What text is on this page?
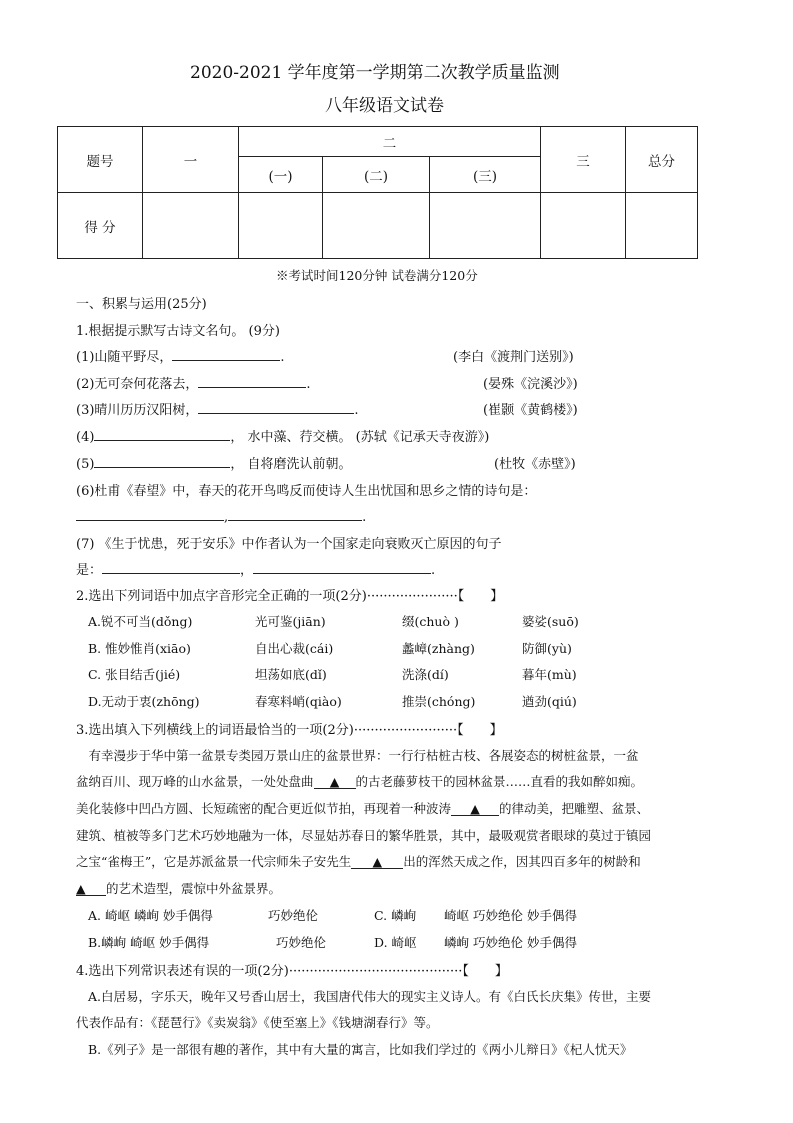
2020-2021 学年度第一学期第二次教学质量监测
八年级语文试卷
题号	一	二			三	总分
		(一)	(二)	(三)		
得 分						
※考试时间120分钟 试卷满分120分
一、积累与运用(25分)
1.根据提示默写古诗文名句。 (9分)
(1)山随平野尽，	.	(李白《渡荆门送别》)
(2)无可奈何花落去，	.	(晏殊《浣溪沙》)
(3)晴川历历汉阳树，	.	(崔颢《黄鹤楼》)
(4)	， 水中藻、荇交横。 (苏轼《记承天寺夜游》)
(5)	， 自将磨洗认前朝。	(杜牧《赤壁》)
(6)杜甫《春望》中，春天的花开鸟鸣反而使诗人生出忧国和思乡之情的诗句是：
,	.
(7) 《生于忧患，死于安乐》中作者认为一个国家走向衰败灭亡原因的句子
是：	，	.
2.选出下列词语中加点字音形完全正确的一项(2分)······················【　　】
A.锐不可当(dǒng)	光可鉴(jiān)	缀(chuò )	婆娑(suō)
B. 惟妙惟肖(xiāo)	自出心裁(cái)	蠡嶂(zhàng)	防御(yù)
C. 张目结舌(jié)	坦荡如底(dǐ)	洗涤(dí)	暮年(mù)
D.无动于衷(zhōng)	春寒料峭(qiào)	推崇(chóng)	遒劲(qiú)
3.选出填入下列横线上的词语最恰当的一项(2分)·························【　　】
　有幸漫步于华中第一盆景专类园万景山庄的盆景世界：一行行枯桩古枝、各展姿态的树桩盆景，一盆
盆纳百川、现万峰的山水盆景，一处处盘曲 ▲ 的古老藤萝枝干的园林盆景……直看的我如醉如痴。
美化装修中凹凸方圆、长短疏密的配合更近似节拍，再现着一种波涛 ▲ 的律动美，把雕塑、盆景、
建筑、植被等多门艺术巧妙地融为一体，尽显姑苏春日的繁华胜景，其中，最吸观赏者眼球的莫过于镇园
之宝“雀梅王”，它是苏派盆景一代宗师朱子安先生 ▲ 出的浑然天成之作，因其四百多年的树龄和
▲ 的艺术造型，震惊中外盆景界。
A. 崎岖 嶙峋 妙手偶得	巧妙绝伦	C. 嶙峋 崎岖 巧妙绝伦 妙手偶得
B.嶙峋 崎岖 妙手偶得	巧妙绝伦	D. 崎岖 嶙峋 巧妙绝伦 妙手偶得
4.选出下列常识表述有误的一项(2分)··········································【　　】
A.白居易，字乐天，晚年又号香山居士，我国唐代伟大的现实主义诗人。有《白氏长庆集》传世，主要
代表作品有：《琵琶行》《卖炭翁》《使至塞上》《钱塘湖春行》等。
B.《列子》是一部很有趣的著作，其中有大量的寓言，比如我们学过的《两小儿辩日》《杞人忧天》
